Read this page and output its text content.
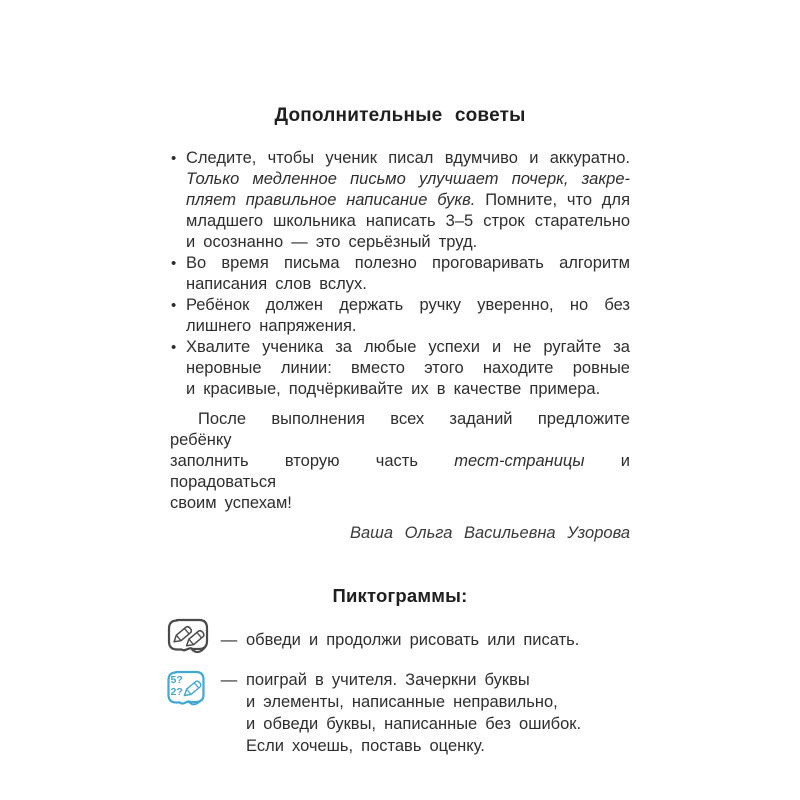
Дополнительные советы
• Следите, чтобы ученик писал вдумчиво и аккуратно.
Только медленное письмо улучшает почерк, закре-
пляет правильное написание букв. Помните, что для
младшего школьника написать 3–5 строк старательно
и осознанно — это серьёзный труд.
• Во время письма полезно проговаривать алгоритм
написания слов вслух.
• Ребёнок должен держать ручку уверенно, но без
лишнего напряжения.
• Хвалите ученика за любые успехи и не ругайте за
неровные линии: вместо этого находите ровные
и красивые, подчёркивайте их в качестве примера.
После выполнения всех заданий предложите ребёнку
заполнить вторую часть тест-страницы и порадоваться
своим успехам!
Ваша Ольга Васильевна Узорова
Пиктограммы:
— обведи и продолжи рисовать или писать.
5?
2?
— поиграй в учителя. Зачеркни буквы
и элементы, написанные неправильно,
и обведи буквы, написанные без ошибок.
Если хочешь, поставь оценку.
